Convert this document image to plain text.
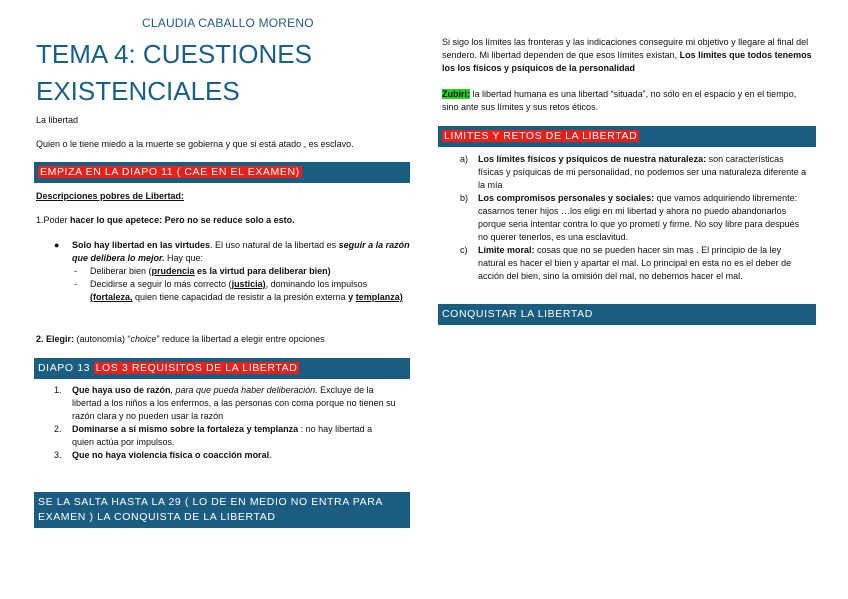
CLAUDIA CABALLO MORENO
TEMA 4: CUESTIONES EXISTENCIALES

La libertad

Quien o le tiene miedo a la muerte se gobierna y que si está atado , es esclavo.

EMPIZA EN LA DIAPO 11 ( CAE EN EL EXAMEN)

Descripciones pobres de Libertad:

1.Poder hacer lo que apetece: Pero no se reduce solo a esto.

● Solo hay libertad en las virtudes. El uso natural de la libertad es seguir a la razón que delibera lo mejor. Hay que:
- Deliberar bien (prudencia es la virtud para deliberar bien)
- Decidirse a seguir lo más correcto (justicia), dominando los impulsos (fortaleza, quien tiene capacidad de resistir a la presión externa y templanza)

2. Elegir: (autonomía) “choice” reduce la libertad a elegir entre opciones

DIAPO 13 LOS 3 REQUISITOS DE LA LIBERTAD
1. Que haya uso de razón, para que pueda haber deliberación. Excluye de la libertad a los niños a los enfermos, a las personas con coma porque no tienen su razón clara y no pueden usar la razón
2. Dominarse a sí mismo sobre la fortaleza y templanza : no hay libertad a quien actúa por impulsos.
3. Que no haya violencia física o coacción moral.
SE LA SALTA HASTA LA 29 ( LO DE EN MEDIO NO ENTRA PARA EXAMEN ) LA CONQUISTA DE LA LIBERTAD

Si sigo los límites las fronteras y las indicaciones conseguire mi objetivo y llegare al final del sendero. Mi libertad dependen de que esos límites existan, Los límites que todos tenemos los los físicos y psíquicos de la personalidad

Zubiri: la libertad humana es una libertad “situada”, no sólo en el espacio y en el tiempo, sino ante sus límites y sus retos éticos.

LIMITES Y RETOS DE LA LIBERTAD
a) Los límites físicos y psíquicos de nuestra naturaleza: son características físicas y psíquicas de mi personalidad, no podemos ser una naturaleza diferente a la mía
b) Los compromisos personales y sociales: que vamos adquiriendo libremente: casarnos tener hijos …los eligi en mi libertad y ahora no puedo abandonarlos porque seria intentar contra lo que yo prometí y firme. No soy libre para después no querer tenerlos, es una esclavitud.
c) Límite moral: cosas que no se pueden hacer sin mas . El principio de la ley natural es hacer el bien y apartar el mal. Lo principal en esta no es el deber de acción del bien, sino la omisión del mal, no debemos hacer el mal.
CONQUISTAR LA LIBERTAD
